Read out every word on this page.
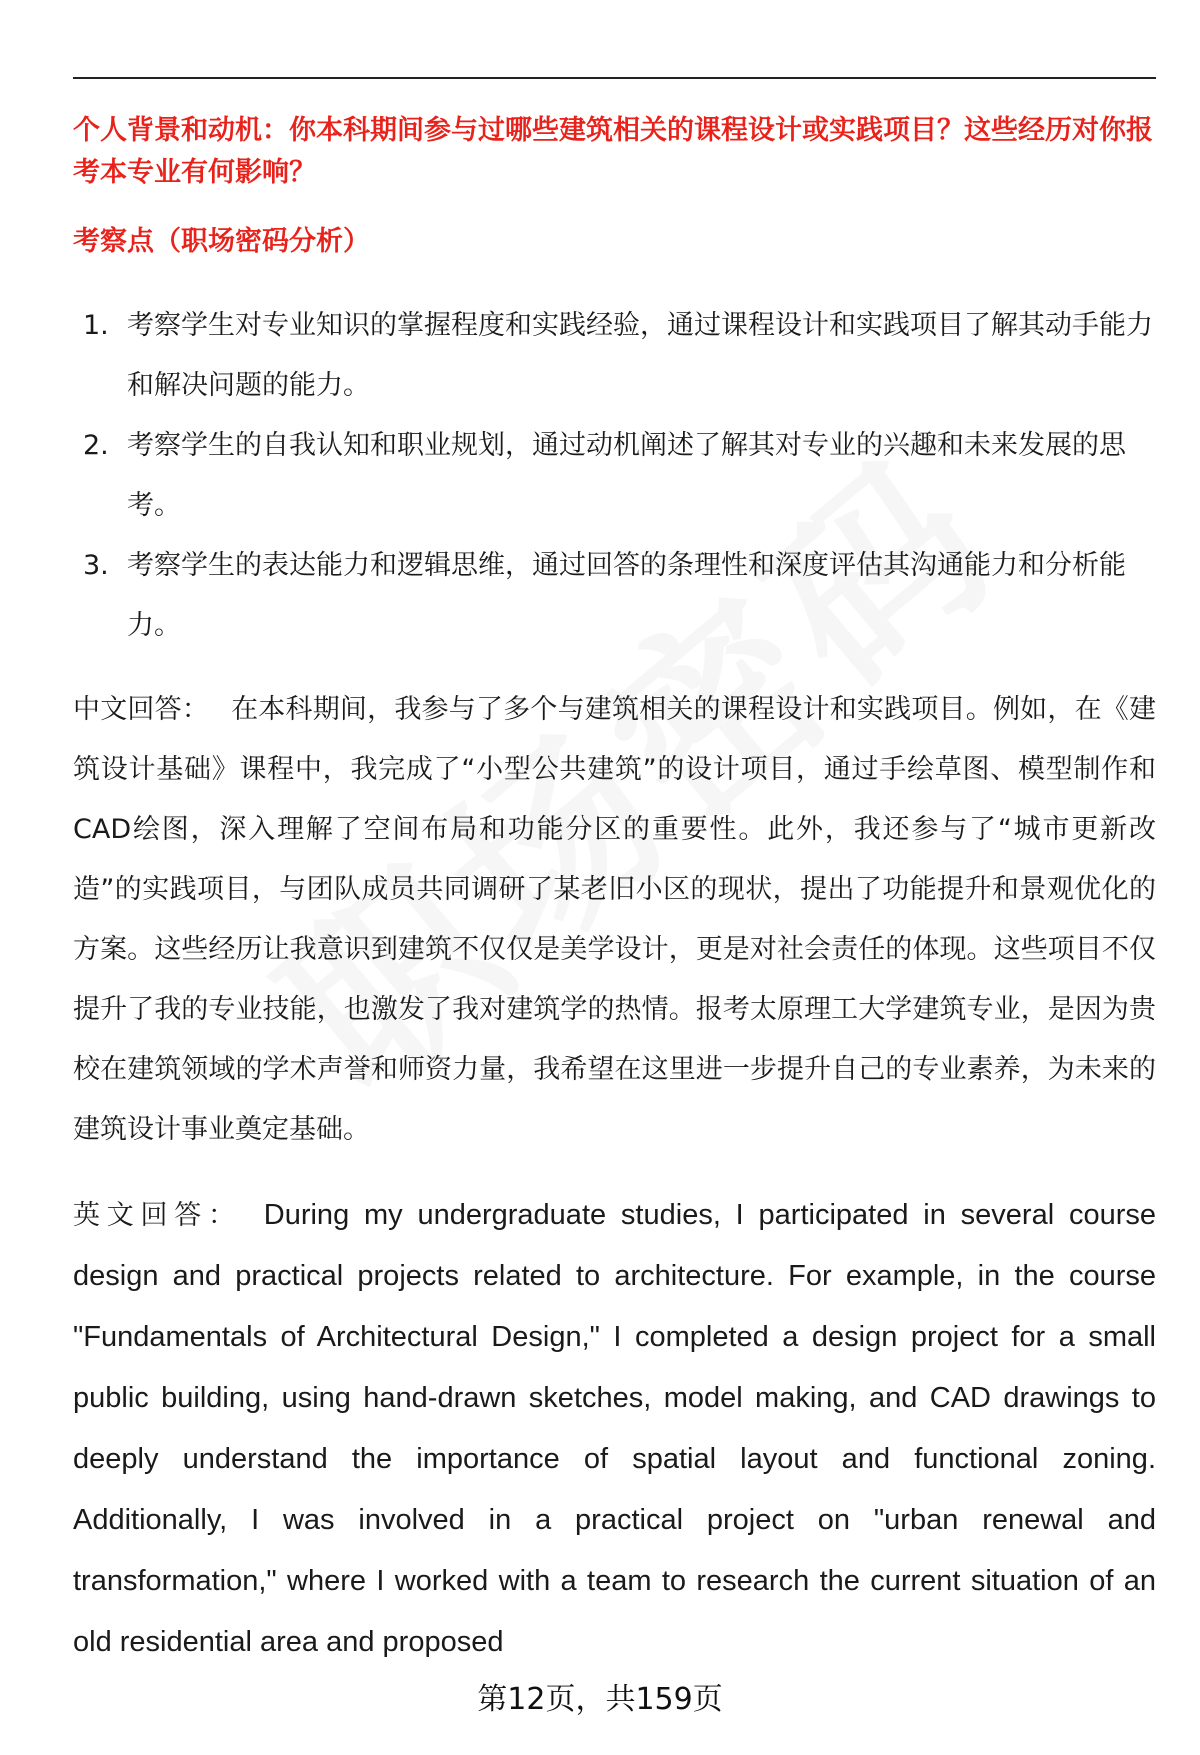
个人背景和动机：你本科期间参与过哪些建筑相关的课程设计或实践项目？这些经历对你报考本专业有何影响？

考察点（职场密码分析）

1. 考察学生对专业知识的掌握程度和实践经验，通过课程设计和实践项目了解其动手能力和解决问题的能力。
2. 考察学生的自我认知和职业规划，通过动机阐述了解其对专业的兴趣和未来发展的思考。
3. 考察学生的表达能力和逻辑思维，通过回答的条理性和深度评估其沟通能力和分析能力。

中文回答： 在本科期间，我参与了多个与建筑相关的课程设计和实践项目。例如，在《建筑设计基础》课程中，我完成了“小型公共建筑”的设计项目，通过手绘草图、模型制作和CAD绘图，深入理解了空间布局和功能分区的重要性。此外，我还参与了“城市更新改造”的实践项目，与团队成员共同调研了某老旧小区的现状，提出了功能提升和景观优化的方案。这些经历让我意识到建筑不仅仅是美学设计，更是对社会责任的体现。这些项目不仅提升了我的专业技能，也激发了我对建筑学的热情。报考太原理工大学建筑专业，是因为贵校在建筑领域的学术声誉和师资力量，我希望在这里进一步提升自己的专业素养，为未来的建筑设计事业奠定基础。

英文回答： During my undergraduate studies, I participated in several course design and practical projects related to architecture. For example, in the course "Fundamentals of Architectural Design," I completed a design project for a small public building, using hand-drawn sketches, model making, and CAD drawings to deeply understand the importance of spatial layout and functional zoning. Additionally, I was involved in a practical project on "urban renewal and transformation," where I worked with a team to research the current situation of an old residential area and proposed

第12页，共159页
